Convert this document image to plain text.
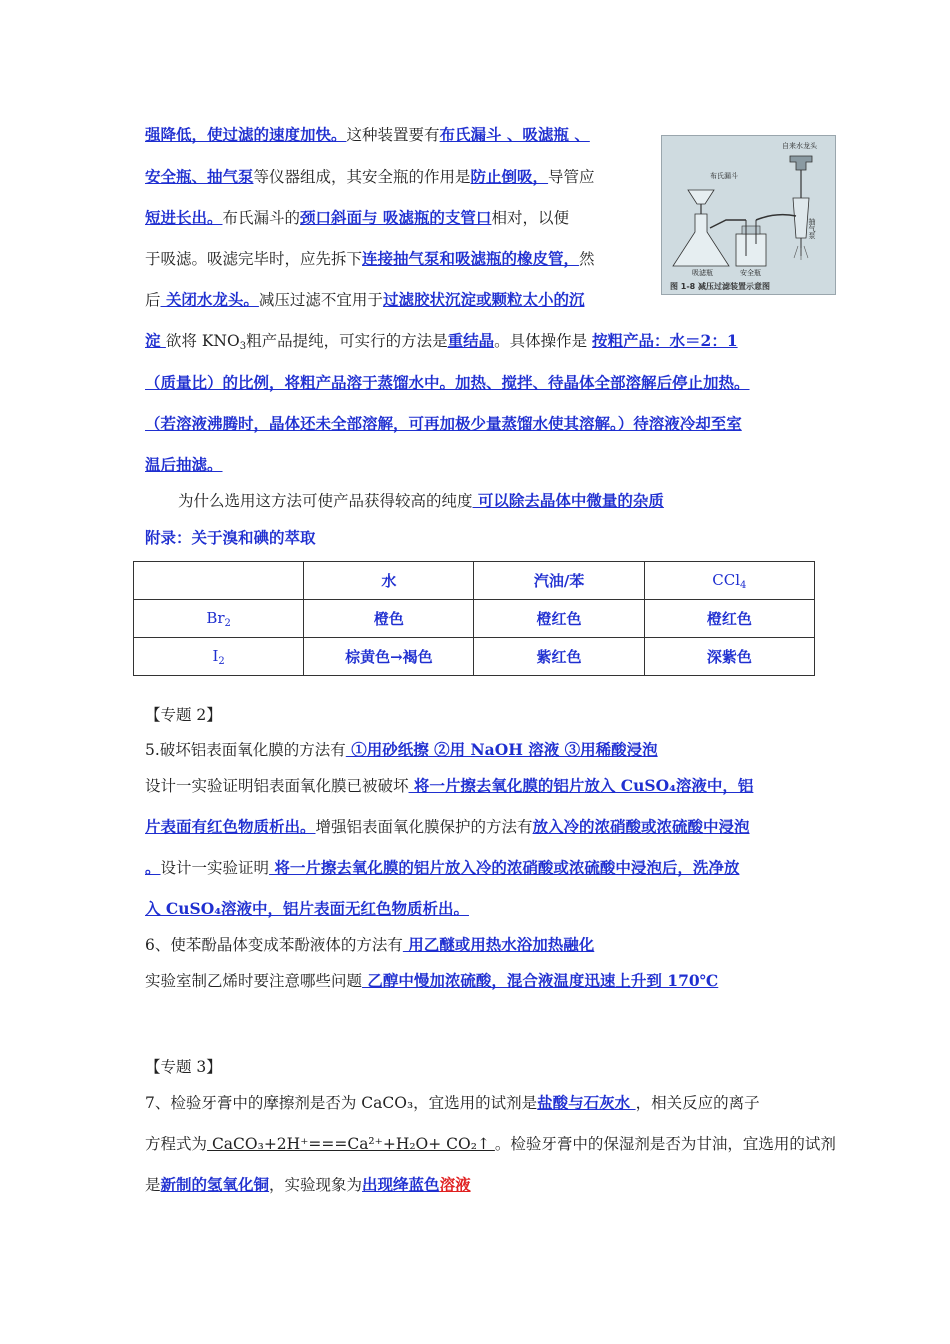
强降低，使过滤的速度加快。这种装置要有布氏漏斗 、吸滤瓶 、
安全瓶、抽气泵等仪器组成，其安全瓶的作用是防止倒吸，导管应
短进长出。布氏漏斗的颈口斜面与 吸滤瓶的支管口相对，以便
于吸滤。吸滤完毕时，应先拆下连接抽气泵和吸滤瓶的橡皮管，然
后 关闭水龙头。减压过滤不宜用于过滤胶状沉淀或颗粒太小的沉
淀 欲将 $KNO_3$粗产品提纯，可实行的方法是重结晶。具体操作是 按粗产品：水＝2：1
（质量比）的比例，将粗产品溶于蒸馏水中。加热、搅拌、待晶体全部溶解后停止加热。
（若溶液沸腾时，晶体还未全部溶解，可再加极少量蒸馏水使其溶解。）待溶液冷却至室
温后抽滤。
为什么选用这方法可使产品获得较高的纯度 可以除去晶体中微量的杂质
自来水龙头
布氏漏斗
吸滤瓶	安全瓶
抽气泵
图 1-8 减压过滤装置示意图
附录：关于溴和碘的萃取
	水	汽油/苯	CCl$_4$
$Br_2$	橙色	橙红色	橙红色
$I_2$	棕黄色→褐色	紫红色	深紫色
【专题 2】
5.破坏铝表面氧化膜的方法有 ①用砂纸擦 ②用 NaOH 溶液 ③用稀酸浸泡
设计一实验证明铝表面氧化膜已被破坏 将一片擦去氧化膜的铝片放入 CuSO₄溶液中，铝
片表面有红色物质析出。增强铝表面氧化膜保护的方法有放入冷的浓硝酸或浓硫酸中浸泡
。设计一实验证明 将一片擦去氧化膜的铝片放入冷的浓硝酸或浓硫酸中浸泡后，洗净放
入 CuSO₄溶液中，铝片表面无红色物质析出。
6、使苯酚晶体变成苯酚液体的方法有 用乙醚或用热水浴加热融化
实验室制乙烯时要注意哪些问题 乙醇中慢加浓硫酸，混合液温度迅速上升到 170℃
【专题 3】
7、检验牙膏中的摩擦剂是否为 CaCO₃，宜选用的试剂是盐酸与石灰水 ，相关反应的离子
方程式为 CaCO₃+2H⁺===Ca²⁺+H₂O+ CO₂↑ 。检验牙膏中的保湿剂是否为甘油，宜选用的试剂
是新制的氢氧化铜，实验现象为出现绛蓝色溶液
